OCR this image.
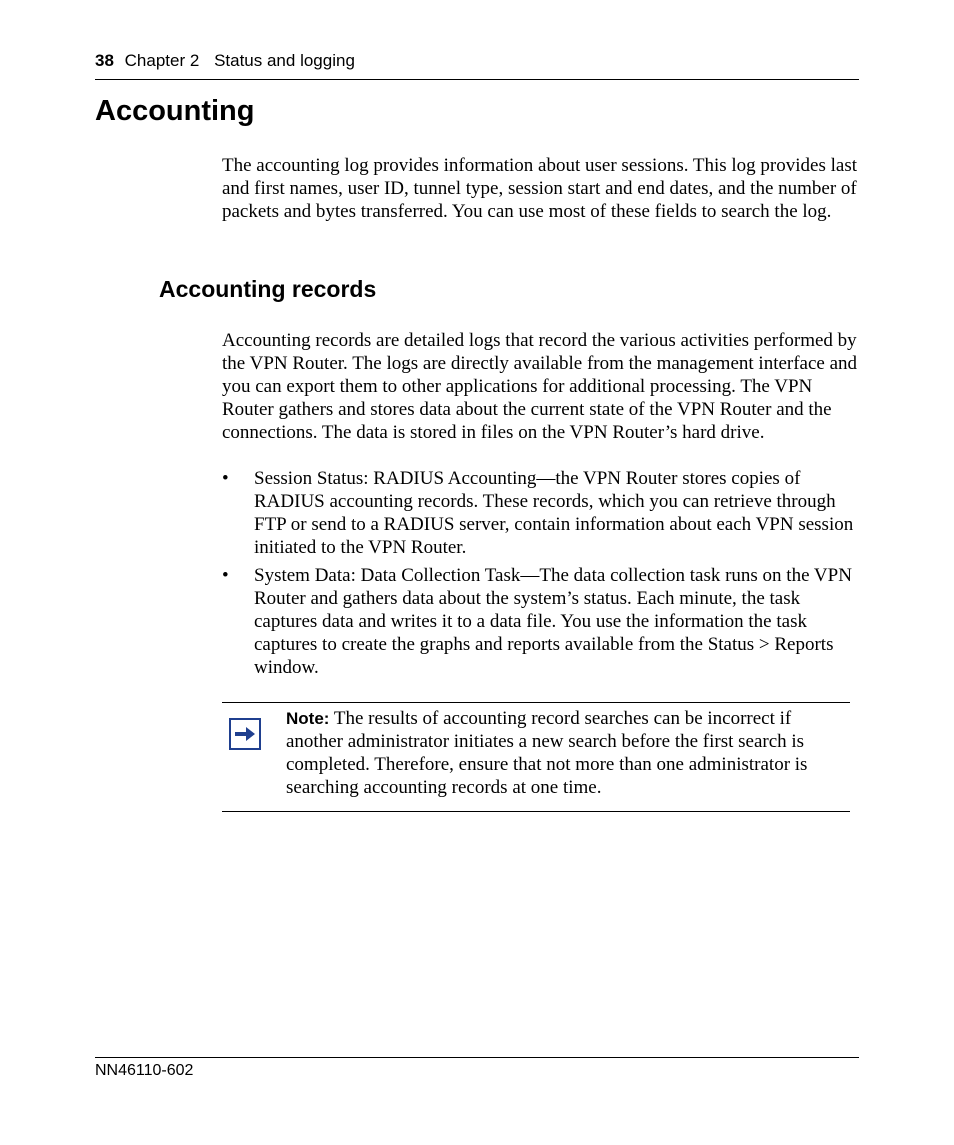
38 Chapter 2 Status and logging
Accounting

The accounting log provides information about user sessions. This log provides last and first names, user ID, tunnel type, session start and end dates, and the number of packets and bytes transferred. You can use most of these fields to search the log.

Accounting records

Accounting records are detailed logs that record the various activities performed by the VPN Router. The logs are directly available from the management interface and you can export them to other applications for additional processing. The VPN Router gathers and stores data about the current state of the VPN Router and the connections. The data is stored in files on the VPN Router’s hard drive.

• Session Status: RADIUS Accounting—the VPN Router stores copies of RADIUS accounting records. These records, which you can retrieve through FTP or send to a RADIUS server, contain information about each VPN session initiated to the VPN Router.
• System Data: Data Collection Task—The data collection task runs on the VPN Router and gathers data about the system’s status. Each minute, the task captures data and writes it to a data file. You use the information the task captures to create the graphs and reports available from the Status > Reports window.

Note: The results of accounting record searches can be incorrect if another administrator initiates a new search before the first search is completed. Therefore, ensure that not more than one administrator is searching accounting records at one time.

NN46110-602
